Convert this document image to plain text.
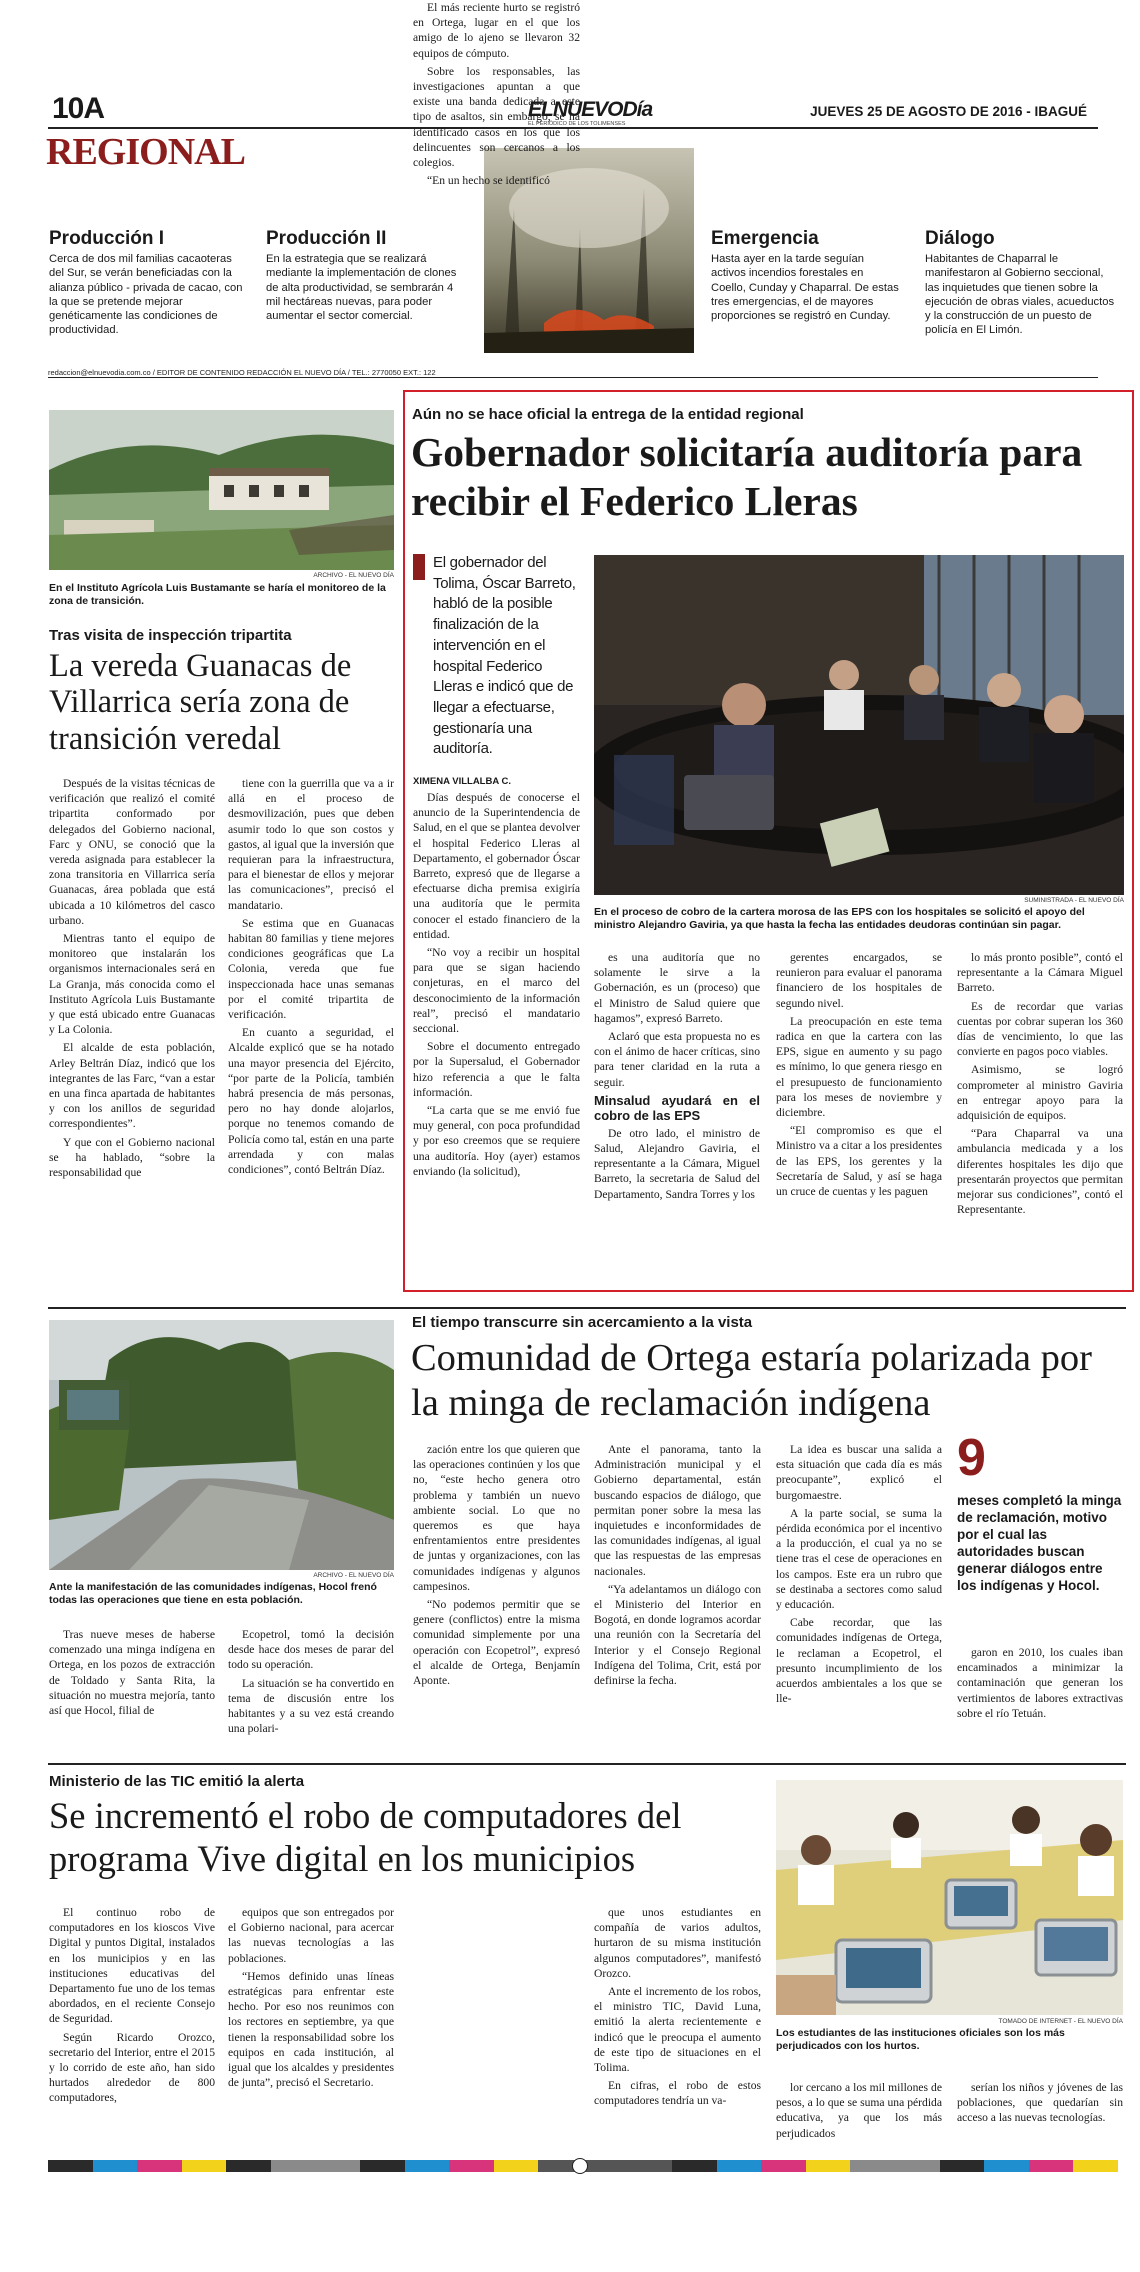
10A	ELNUEVODía
EL PERIÓDICO DE LOS TOLIMENSES
JUEVES 25 DE AGOSTO DE 2016 - IBAGUÉ
REGIONAL

Producción I

Cerca de dos mil familias cacaoteras del Sur, se verán beneficiadas con la alianza público - privada de cacao, con la que se pretende mejorar genéticamente las condiciones de productividad.

Producción II

En la estrategia que se realizará mediante la implementación de clones de alta productividad, se sembrarán 4 mil hectáreas nuevas, para poder aumentar el sector comercial.

Emergencia

Hasta ayer en la tarde seguían activos incendios forestales en Coello, Cunday y Chaparral. De estas tres emergencias, el de mayores proporciones se registró en Cunday.

Diálogo

Habitantes de Chaparral le manifestaron al Gobierno seccional, las inquietudes que tienen sobre la ejecución de obras viales, acueductos y la construcción de un puesto de policía en El Limón.

redaccion@elnuevodia.com.co / EDITOR DE CONTENIDO REDACCIÓN EL NUEVO DÍA / TEL.: 2770050 EXT.: 122
ARCHIVO - EL NUEVO DÍA
En el Instituto Agrícola Luis Bustamante se haría el monitoreo de la zona de transición.
Tras visita de inspección tripartita
La vereda Guanacas de Villarrica sería zona de transición veredal

Después de la visitas técnicas de verificación que realizó el comité tripartita conformado por delegados del Gobierno nacional, Farc y ONU, se conoció que la vereda asignada para establecer la zona transitoria en Villarrica sería Guanacas, área poblada que está ubicada a 10 kilómetros del casco urbano.

Mientras tanto el equipo de monitoreo que instalarán los organismos internacionales será en La Granja, más conocida como el Instituto Agrícola Luis Bustamante y que está ubicado entre Guanacas y La Colonia.

El alcalde de esta población, Arley Beltrán Díaz, indicó que los integrantes de las Farc, “van a estar en una finca apartada de habitantes y con los anillos de seguridad correspondientes”.

Y que con el Gobierno nacional se ha hablado, “sobre la responsabilidad que

tiene con la guerrilla que va a ir allá en el proceso de desmovilización, pues que deben asumir todo lo que son costos y gastos, al igual que la inversión que requieran para la infraestructura, para el bienestar de ellos y mejorar las comunicaciones”, precisó el mandatario.

Se estima que en Guanacas habitan 80 familias y tiene mejores condiciones geográficas que La Colonia, vereda que fue inspeccionada hace unas semanas por el comité tripartita de verificación.

En cuanto a seguridad, el Alcalde explicó que se ha notado una mayor presencia del Ejército, “por parte de la Policía, también habrá presencia de más personas, pero no hay donde alojarlos, porque no tenemos comando de Policía como tal, están en una parte arrendada y con malas condiciones”, contó Beltrán Díaz.

Aún no se hace oficial la entrega de la entidad regional
Gobernador solicitaría auditoría para recibir el Federico Lleras
El gobernador del Tolima, Óscar Barreto, habló de la posible finalización de la intervención en el hospital Federico Lleras e indicó que de llegar a efectuarse, gestionaría una auditoría.
XIMENA VILLALBA C.
SUMINISTRADA - EL NUEVO DÍA
En el proceso de cobro de la cartera morosa de las EPS con los hospitales se solicitó el apoyo del ministro Alejandro Gaviria, ya que hasta la fecha las entidades deudoras continúan sin pagar.

Días después de conocerse el anuncio de la Superintendencia de Salud, en el que se plantea devolver el hospital Federico Lleras al Departamento, el gobernador Óscar Barreto, expresó que de llegarse a efectuarse dicha premisa exigiría una auditoría que le permita conocer el estado financiero de la entidad.

“No voy a recibir un hospital para que se sigan haciendo conjeturas, en el marco del desconocimiento de la información real”, precisó el mandatario seccional.

Sobre el documento entregado por la Supersalud, el Gobernador hizo referencia a que le falta información.

“La carta que se me envió fue muy general, con poca profundidad y por eso creemos que se requiere una auditoría. Hoy (ayer) estamos enviando (la solicitud),

es una auditoría que no solamente le sirve a la Gobernación, es un (proceso) que el Ministro de Salud quiere que hagamos”, expresó Barreto.

Aclaró que esta propuesta no es con el ánimo de hacer críticas, sino para tener claridad en la ruta a seguir.

Minsalud ayudará en el cobro de las EPS

De otro lado, el ministro de Salud, Alejandro Gaviria, el representante a la Cámara, Miguel Barreto, la secretaria de Salud del Departamento, Sandra Torres y los

gerentes encargados, se reunieron para evaluar el panorama financiero de los hospitales de segundo nivel.

La preocupación en este tema radica en que la cartera con las EPS, sigue en aumento y su pago es mínimo, lo que genera riesgo en el presupuesto de funcionamiento para los meses de noviembre y diciembre.

“El compromiso es que el Ministro va a citar a los presidentes de las EPS, los gerentes y la Secretaría de Salud, y así se haga un cruce de cuentas y les paguen

lo más pronto posible”, contó el representante a la Cámara Miguel Barreto.

Es de recordar que varias cuentas por cobrar superan los 360 días de vencimiento, lo que las convierte en pagos poco viables.

Asimismo, se logró comprometer al ministro Gaviria en entregar apoyo para la adquisición de equipos.

“Para Chaparral va una ambulancia medicada y a los diferentes hospitales les dijo que presentarán proyectos que permitan mejorar sus condiciones”, contó el Representante.

El tiempo transcurre sin acercamiento a la vista
Comunidad de Ortega estaría polarizada por la minga de reclamación indígena
ARCHIVO - EL NUEVO DÍA
Ante la manifestación de las comunidades indígenas, Hocol frenó todas las operaciones que tiene en esta población.

Tras nueve meses de haberse comenzado una minga indígena en Ortega, en los pozos de extracción de Toldado y Santa Rita, la situación no muestra mejoría, tanto así que Hocol, filial de

Ecopetrol, tomó la decisión desde hace dos meses de parar del todo su operación.

La situación se ha convertido en tema de discusión entre los habitantes y a su vez está creando una polari-

zación entre los que quieren que las operaciones continúen y los que no, “este hecho genera otro problema y también un nuevo ambiente social. Lo que no queremos es que haya enfrentamientos entre presidentes de juntas y organizaciones, con las comunidades indígenas y algunos campesinos.

“No podemos permitir que se genere (conflictos) entre la misma comunidad simplemente por una operación con Ecopetrol”, expresó el alcalde de Ortega, Benjamín Aponte.

Ante el panorama, tanto la Administración municipal y el Gobierno departamental, están buscando espacios de diálogo, que permitan poner sobre la mesa las inquietudes e inconformidades de las comunidades indígenas, al igual que las respuestas de las empresas nacionales.

“Ya adelantamos un diálogo con el Ministerio del Interior en Bogotá, en donde logramos acordar una reunión con la Secretaría del Interior y el Consejo Regional Indígena del Tolima, Crit, está por definirse la fecha.

La idea es buscar una salida a esta situación que cada día es más preocupante”, explicó el burgomaestre.

A la parte social, se suma la pérdida económica por el incentivo a la producción, el cual ya no se tiene tras el cese de operaciones en los campos. Este era un rubro que se destinaba a sectores como salud y educación.

Cabe recordar, que las comunidades indígenas de Ortega, le reclaman a Ecopetrol, el presunto incumplimiento de los acuerdos ambientales a los que se lle-

9
meses completó la minga de reclamación, motivo por el cual las autoridades buscan generar diálogos entre los indígenas y Hocol.

garon en 2010, los cuales iban encaminados a minimizar la contaminación que generan los vertimientos de labores extractivas sobre el río Tetuán.

Ministerio de las TIC emitió la alerta
Se incrementó el robo de computadores del programa Vive digital en los municipios
TOMADO DE INTERNET - EL NUEVO DÍA
Los estudiantes de las instituciones oficiales son los más perjudicados con los hurtos.

El continuo robo de computadores en los kioscos Vive Digital y puntos Digital, instalados en los municipios y en las instituciones educativas del Departamento fue uno de los temas abordados, en el reciente Consejo de Seguridad.

Según Ricardo Orozco, secretario del Interior, entre el 2015 y lo corrido de este año, han sido hurtados alrededor de 800 computadores,

equipos que son entregados por el Gobierno nacional, para acercar las nuevas tecnologías a las poblaciones.

“Hemos definido unas líneas estratégicas para enfrentar este hecho. Por eso nos reunimos con los rectores en septiembre, ya que tienen la responsabilidad sobre los equipos en cada institución, al igual que los alcaldes y presidentes de junta”, precisó el Secretario.

El más reciente hurto se registró en Ortega, lugar en el que los amigo de lo ajeno se llevaron 32 equipos de cómputo.

Sobre los responsables, las investigaciones apuntan a que existe una banda dedicada a este tipo de asaltos, sin embargo, se ha identificado casos en los que los delincuentes son cercanos a los colegios.

“En un hecho se identificó

que unos estudiantes en compañía de varios adultos, hurtaron de su misma institución algunos computadores”, manifestó Orozco.

Ante el incremento de los robos, el ministro TIC, David Luna, emitió la alerta recientemente e indicó que le preocupa el aumento de este tipo de situaciones en el Tolima.

En cifras, el robo de estos computadores tendría un va-

lor cercano a los mil millones de pesos, a lo que se suma una pérdida educativa, ya que los más perjudicados

serían los niños y jóvenes de las poblaciones, que quedarían sin acceso a las nuevas tecnologías.
